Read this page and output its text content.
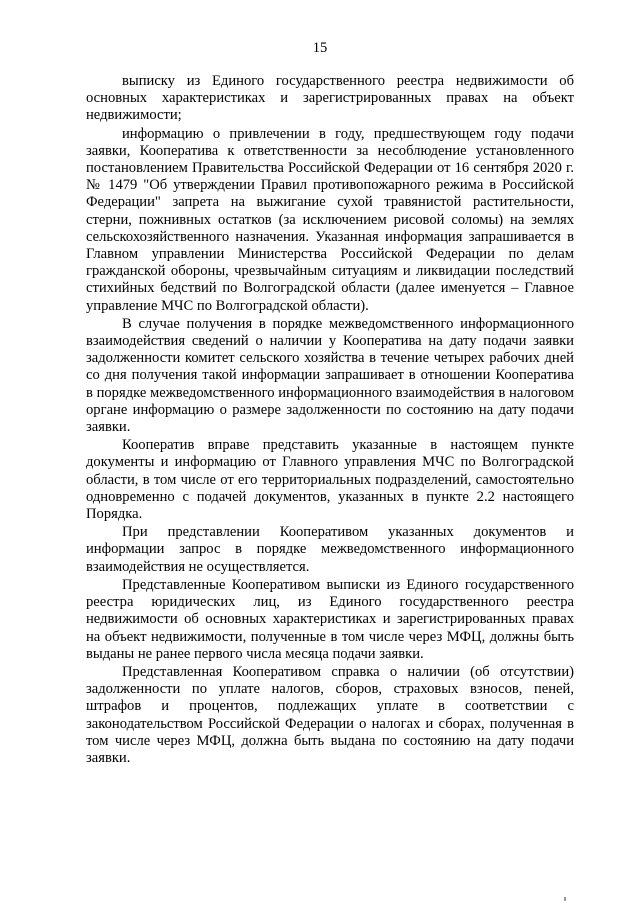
15

выписку из Единого государственного реестра недвижимости об основных характеристиках и зарегистрированных правах на объект недвижимости;

информацию о привлечении в году, предшествующем году подачи заявки, Кооператива к ответственности за несоблюдение установленного постановлением Правительства Российской Федерации от 16 сентября 2020 г. № 1479 "Об утверждении Правил противопожарного режима в Российской Федерации" запрета на выжигание сухой травянистой растительности, стерни, пожнивных остатков (за исключением рисовой соломы) на землях сельскохозяйственного назначения. Указанная информация запрашивается в Главном управлении Министерства Российской Федерации по делам гражданской обороны, чрезвычайным ситуациям и ликвидации последствий стихийных бедствий по Волгоградской области (далее именуется – Главное управление МЧС по Волгоградской области).

В случае получения в порядке межведомственного информационного взаимодействия сведений о наличии у Кооператива на дату подачи заявки задолженности комитет сельского хозяйства в течение четырех рабочих дней со дня получения такой информации запрашивает в отношении Кооператива в порядке межведомственного информационного взаимодействия в налоговом органе информацию о размере задолженности по состоянию на дату подачи заявки.

Кооператив вправе представить указанные в настоящем пункте документы и информацию от Главного управления МЧС по Волгоградской области, в том числе от его территориальных подразделений, самостоятельно одновременно с подачей документов, указанных в пункте 2.2 настоящего Порядка.

При представлении Кооперативом указанных документов и информации запрос в порядке межведомственного информационного взаимодействия не осуществляется.

Представленные Кооперативом выписки из Единого государственного реестра юридических лиц, из Единого государственного реестра недвижимости об основных характеристиках и зарегистрированных правах на объект недвижимости, полученные в том числе через МФЦ, должны быть выданы не ранее первого числа месяца подачи заявки.

Представленная Кооперативом справка о наличии (об отсутствии) задолженности по уплате налогов, сборов, страховых взносов, пеней, штрафов и процентов, подлежащих уплате в соответствии с законодательством Российской Федерации о налогах и сборах, полученная в том числе через МФЦ, должна быть выдана по состоянию на дату подачи заявки.
